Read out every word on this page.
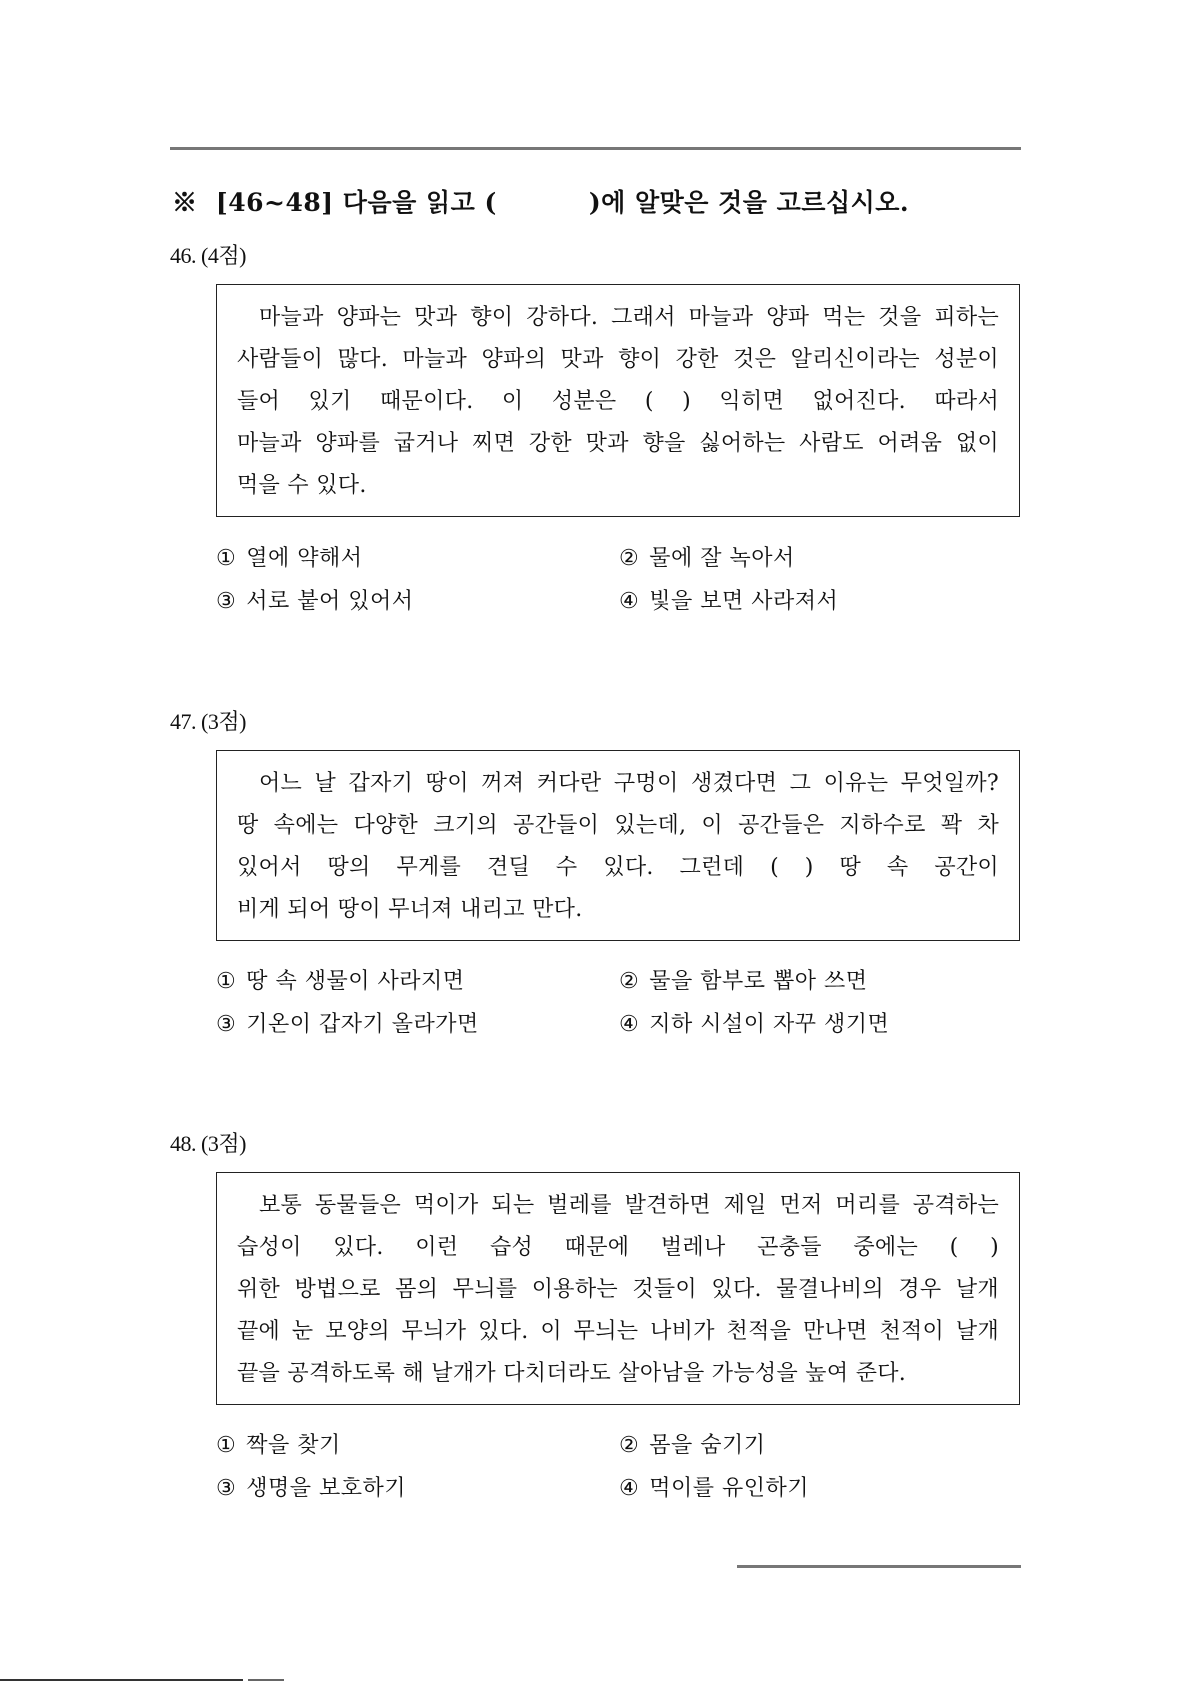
※  [46~48] 다음을 읽고 (          )에 알맞은 것을 고르십시오.
46. (4점)
마늘과 양파는 맛과 향이 강하다. 그래서 마늘과 양파 먹는 것을 피하는
사람들이 많다. 마늘과 양파의 맛과 향이 강한 것은 알리신이라는 성분이
들어 있기 때문이다. 이 성분은 ( ) 익히면 없어진다. 따라서
마늘과 양파를 굽거나 찌면 강한 맛과 향을 싫어하는 사람도 어려움 없이
먹을 수 있다.
① 열에 약해서	② 물에 잘 녹아서
③ 서로 붙어 있어서	④ 빛을 보면 사라져서
47. (3점)
어느 날 갑자기 땅이 꺼져 커다란 구멍이 생겼다면 그 이유는 무엇일까?
땅 속에는 다양한 크기의 공간들이 있는데, 이 공간들은 지하수로 꽉 차
있어서 땅의 무게를 견딜 수 있다. 그런데 ( ) 땅 속 공간이
비게 되어 땅이 무너져 내리고 만다.
① 땅 속 생물이 사라지면	② 물을 함부로 뽑아 쓰면
③ 기온이 갑자기 올라가면	④ 지하 시설이 자꾸 생기면
48. (3점)
보통 동물들은 먹이가 되는 벌레를 발견하면 제일 먼저 머리를 공격하는
습성이 있다. 이런 습성 때문에 벌레나 곤충들 중에는 ( )
위한 방법으로 몸의 무늬를 이용하는 것들이 있다. 물결나비의 경우 날개
끝에 눈 모양의 무늬가 있다. 이 무늬는 나비가 천적을 만나면 천적이 날개
끝을 공격하도록 해 날개가 다치더라도 살아남을 가능성을 높여 준다.
① 짝을 찾기	② 몸을 숨기기
③ 생명을 보호하기	④ 먹이를 유인하기
